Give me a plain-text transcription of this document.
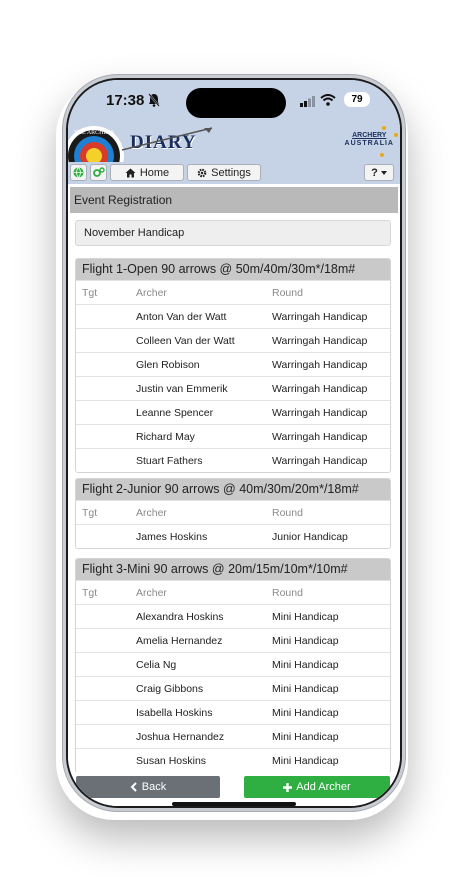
17:38	79
THE ARCHERS DIARY	ARCHERY
AUSTRALIA
Home	Settings	?
Event Registration
November Handicap
Flight 1-Open 90 arrows @ 50m/40m/30m*/18m#
Tgt	Archer	Round
Anton Van der Watt	Warringah Handicap
Colleen Van der Watt	Warringah Handicap
Glen Robison	Warringah Handicap
Justin van Emmerik	Warringah Handicap
Leanne Spencer	Warringah Handicap
Richard May	Warringah Handicap
Stuart Fathers	Warringah Handicap
Flight 2-Junior 90 arrows @ 40m/30m/20m*/18m#
Tgt	Archer	Round
James Hoskins	Junior Handicap
Flight 3-Mini 90 arrows @ 20m/15m/10m*/10m#
Tgt	Archer	Round
Alexandra Hoskins	Mini Handicap
Amelia Hernandez	Mini Handicap
Celia Ng	Mini Handicap
Craig Gibbons	Mini Handicap
Isabella Hoskins	Mini Handicap
Joshua Hernandez	Mini Handicap
Susan Hoskins	Mini Handicap
Back	Add Archer
